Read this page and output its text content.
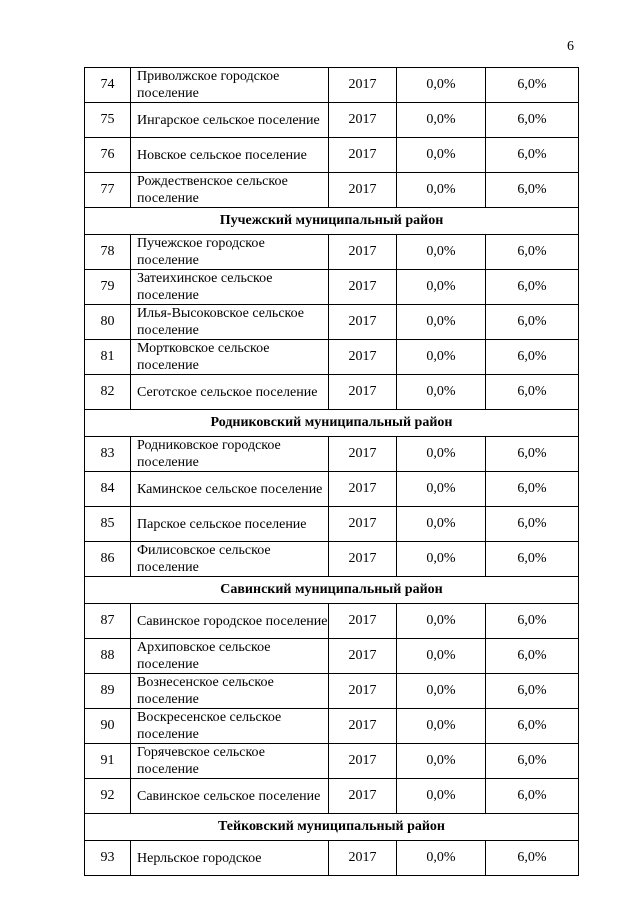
6
74	Приволжское городское поселение	2017	0,0%	6,0%
75	Ингарское сельское поселение	2017	0,0%	6,0%
76	Новское сельское поселение	2017	0,0%	6,0%
77	Рождественское сельское поселение	2017	0,0%	6,0%
Пучежский муниципальный район				
78	Пучежское городское поселение	2017	0,0%	6,0%
79	Затеихинское сельское поселение	2017	0,0%	6,0%
80	Илья-Высоковское сельское поселение	2017	0,0%	6,0%
81	Мортковское сельское поселение	2017	0,0%	6,0%
82	Сеготское сельское поселение	2017	0,0%	6,0%
Родниковский муниципальный район				
83	Родниковское городское поселение	2017	0,0%	6,0%
84	Каминское сельское поселение	2017	0,0%	6,0%
85	Парское сельское поселение	2017	0,0%	6,0%
86	Филисовское сельское поселение	2017	0,0%	6,0%
Савинский муниципальный район				
87	Савинское городское поселение	2017	0,0%	6,0%
88	Архиповское сельское поселение	2017	0,0%	6,0%
89	Вознесенское сельское поселение	2017	0,0%	6,0%
90	Воскресенское сельское поселение	2017	0,0%	6,0%
91	Горячевское сельское поселение	2017	0,0%	6,0%
92	Савинское сельское поселение	2017	0,0%	6,0%
Тейковский муниципальный район				
93	Нерльское городское	2017	0,0%	6,0%
